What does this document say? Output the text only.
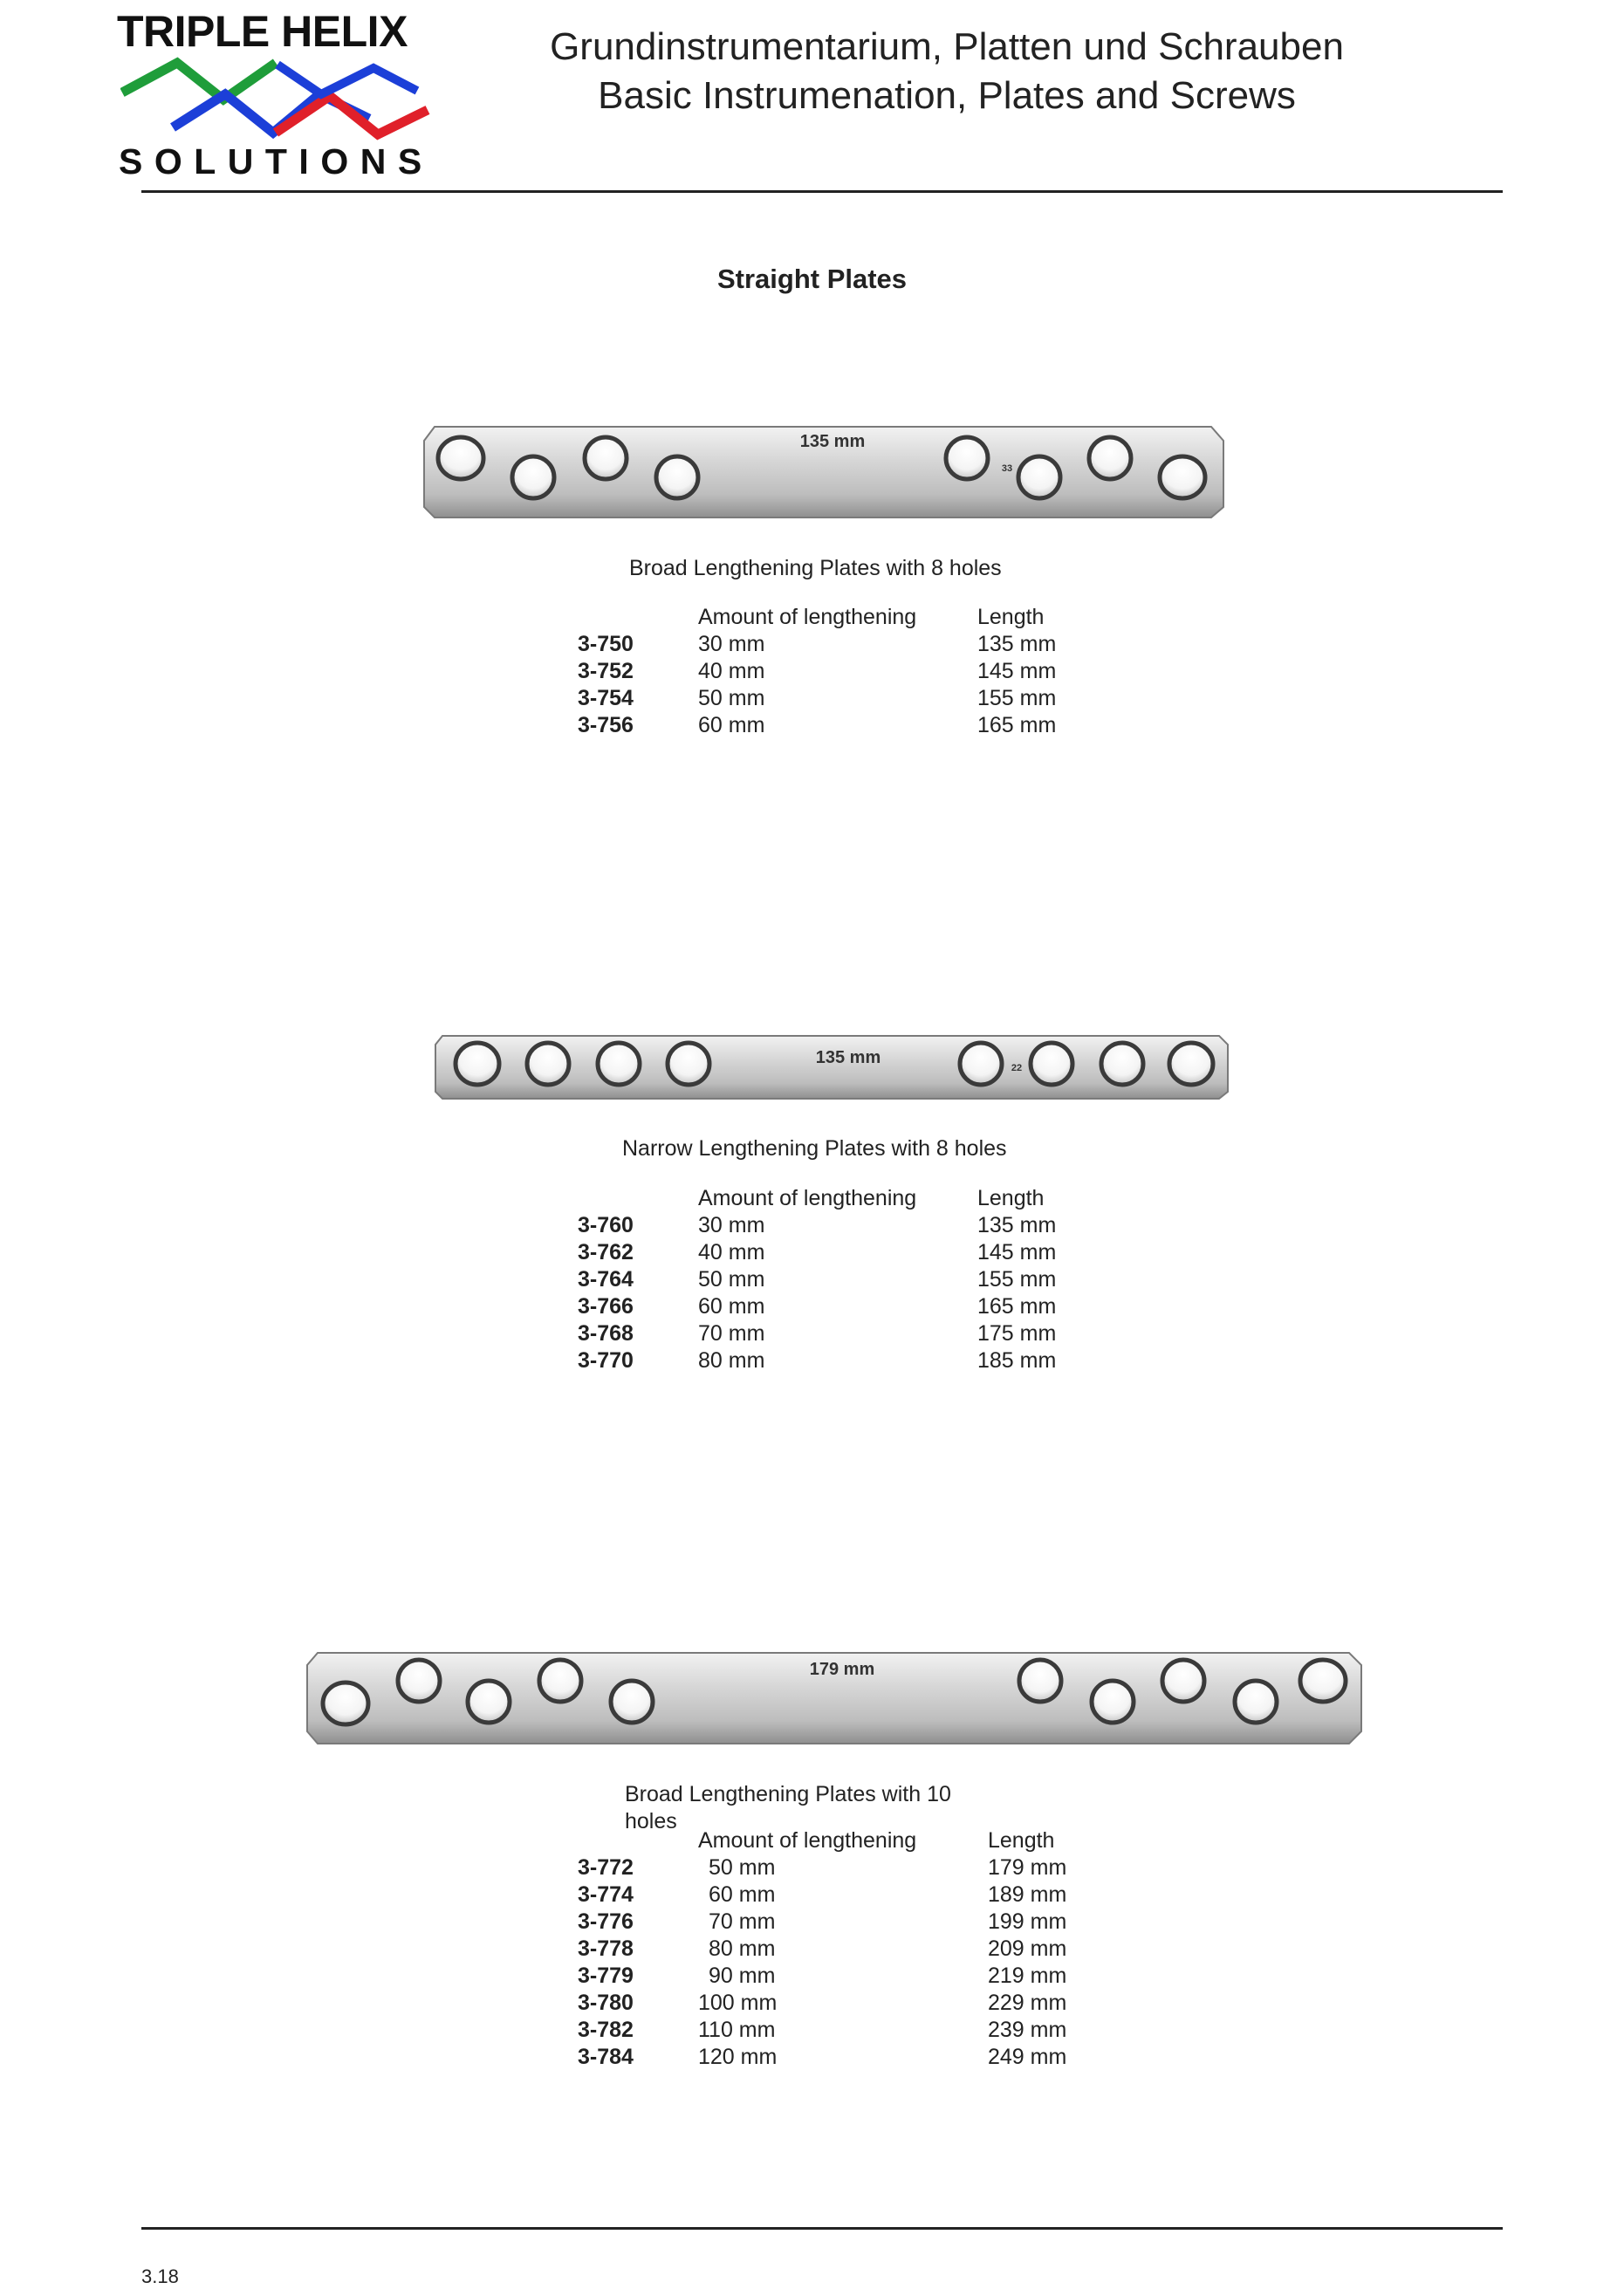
TRIPLE HELIX
SOLUTIONS
Grundinstrumentarium, Platten und Schrauben
Basic Instrumenation, Plates and Screws
Straight Plates
135 mm
33
Broad Lengthening Plates with 8 holes
	Amount of lengthening	Length
3-750	30 mm	135 mm
3-752	40 mm	145 mm
3-754	50 mm	155 mm
3-756	60 mm	165 mm
135 mm
22
Narrow Lengthening Plates with 8 holes
	Amount of lengthening	Length
3-760	30 mm	135 mm
3-762	40 mm	145 mm
3-764	50 mm	155 mm
3-766	60 mm	165 mm
3-768	70 mm	175 mm
3-770	80 mm	185 mm
179 mm
Broad Lengthening Plates with 10
holes
	Amount of lengthening	Length
3-772	50 mm	179 mm
3-774	60 mm	189 mm
3-776	70 mm	199 mm
3-778	80 mm	209 mm
3-779	90 mm	219 mm
3-780	100 mm	229 mm
3-782	110 mm	239 mm
3-784	120 mm	249 mm
3.18
